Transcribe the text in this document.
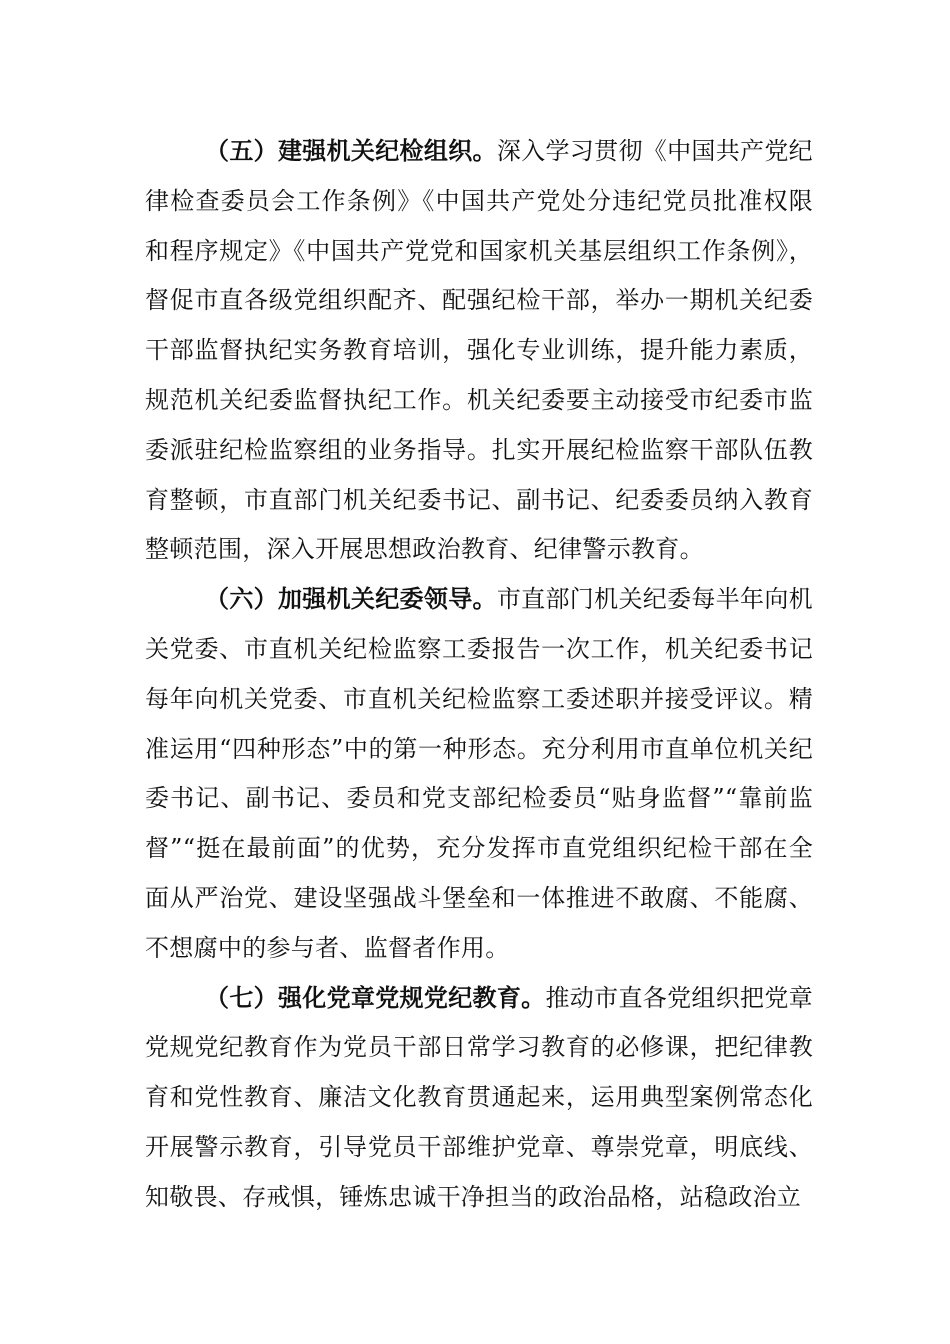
（五）建强机关纪检组织。深入学习贯彻《中国共产党纪律检查委员会工作条例》《中国共产党处分违纪党员批准权限和程序规定》《中国共产党党和国家机关基层组织工作条例》，督促市直各级党组织配齐、配强纪检干部，举办一期机关纪委干部监督执纪实务教育培训，强化专业训练，提升能力素质，规范机关纪委监督执纪工作。机关纪委要主动接受市纪委市监委派驻纪检监察组的业务指导。扎实开展纪检监察干部队伍教育整顿，市直部门机关纪委书记、副书记、纪委委员纳入教育整顿范围，深入开展思想政治教育、纪律警示教育。

（六）加强机关纪委领导。市直部门机关纪委每半年向机关党委、市直机关纪检监察工委报告一次工作，机关纪委书记每年向机关党委、市直机关纪检监察工委述职并接受评议。精准运用“四种形态”中的第一种形态。充分利用市直单位机关纪委书记、副书记、委员和党支部纪检委员“贴身监督”“靠前监督”“挺在最前面”的优势，充分发挥市直党组织纪检干部在全面从严治党、建设坚强战斗堡垒和一体推进不敢腐、不能腐、不想腐中的参与者、监督者作用。

（七）强化党章党规党纪教育。推动市直各党组织把党章党规党纪教育作为党员干部日常学习教育的必修课，把纪律教育和党性教育、廉洁文化教育贯通起来，运用典型案例常态化开展警示教育，引导党员干部维护党章、尊崇党章，明底线、知敬畏、存戒惧，锤炼忠诚干净担当的政治品格，站稳政治立
